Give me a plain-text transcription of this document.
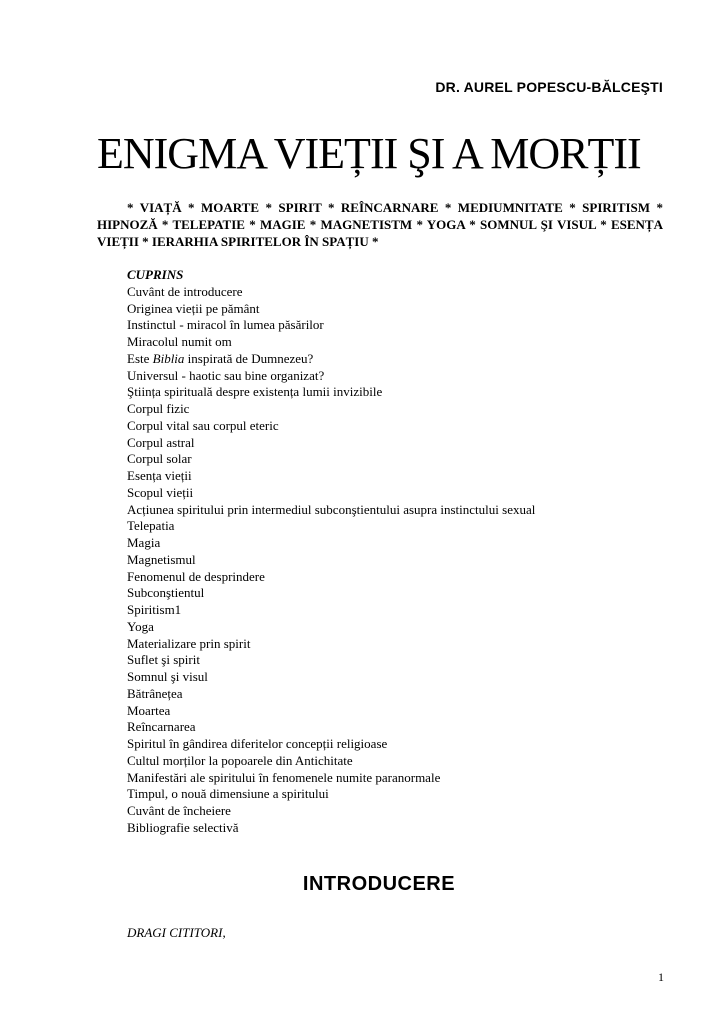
DR. AUREL POPESCU-BĂLCEŞTI
ENIGMA VIEȚII ŞI A MORȚII
* VIAȚĂ * MOARTE * SPIRIT * REÎNCARNARE * MEDIUMNITATE * SPIRITISM * HIPNOZĂ * TELEPATIE * MAGIE * MAGNETISTM * YOGA * SOMNUL ŞI VISUL * ESENȚA VIEȚII * IERARHIA SPIRITELOR ÎN SPAȚIU *
CUPRINS
Cuvânt de introducere
Originea vieții pe pământ
Instinctul - miracol în lumea păsărilor
Miracolul numit om
Este Biblia inspirată de Dumnezeu?
Universul - haotic sau bine organizat?
Ştiința spirituală despre existența lumii invizibile
Corpul fizic
Corpul vital sau corpul eteric
Corpul astral
Corpul solar
Esența vieții
Scopul vieții
Acțiunea spiritului prin intermediul subconştientului asupra instinctului sexual
Telepatia
Magia
Magnetismul
Fenomenul de desprindere
Subconştientul
Spiritism1
Yoga
Materializare prin spirit
Suflet şi spirit
Somnul şi visul
Bătrânețea
Moartea
Reîncarnarea
Spiritul în gândirea diferitelor concepții religioase
Cultul morților la popoarele din Antichitate
Manifestări ale spiritului în fenomenele numite paranormale
Timpul, o nouă dimensiune a spiritului
Cuvânt de încheiere
Bibliografie selectivă
INTRODUCERE
DRAGI CITITORI,
1
